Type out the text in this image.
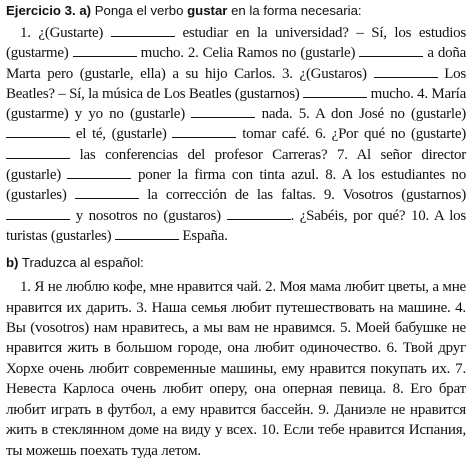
Ejercicio 3. a) Ponga el verbo gustar en la forma necesaria:

1. ¿(Gustarte)	estudiar en la universidad? – Sí, los estudios (gustarme)	mucho. 2. Celia Ramos no (gustarle)	a doña Marta pero (gustarle, ella) a su hijo Carlos. 3. ¿(Gustaros)	Los Beatles? – Sí, la música de Los Beatles (gustarnos)	mucho. 4. María (gustarme) y yo no (gustarle)	nada. 5. A don José no (gustarle)  el té, (gustarle)	tomar café. 6. ¿Por qué no (gustarte)  las conferencias del profesor Carreras? 7. Al señor director (gustarle)	poner la firma con tinta azul. 8. A los estudiantes no (gustarles)	la corrección de las faltas. 9. Vosotros (gustarnos)  y nosotros no (gustaros)	. ¿Sabéis, por qué? 10. A los turistas (gustarles)	España.

b) Traduzca al español:

1. Я не люблю кофе, мне нравится чай. 2. Моя мама любит цветы, а мне нравится их дарить. 3. Наша семья любит путешествовать на машине. 4. Вы (vosotros) нам нравитесь, а мы вам не нравимся. 5. Моей бабушке не нравится жить в большом городе, она любит одиночество. 6. Твой друг Хорхе очень любит современные машины, ему нравится покупать их. 7. Невеста Карлоса очень любит оперу, она оперная певица. 8. Его брат любит играть в футбол, а ему нравится бассейн. 9. Даниэле не нравится жить в стеклянном доме на виду у всех. 10. Если тебе нравится Испания, ты можешь поехать туда летом.
